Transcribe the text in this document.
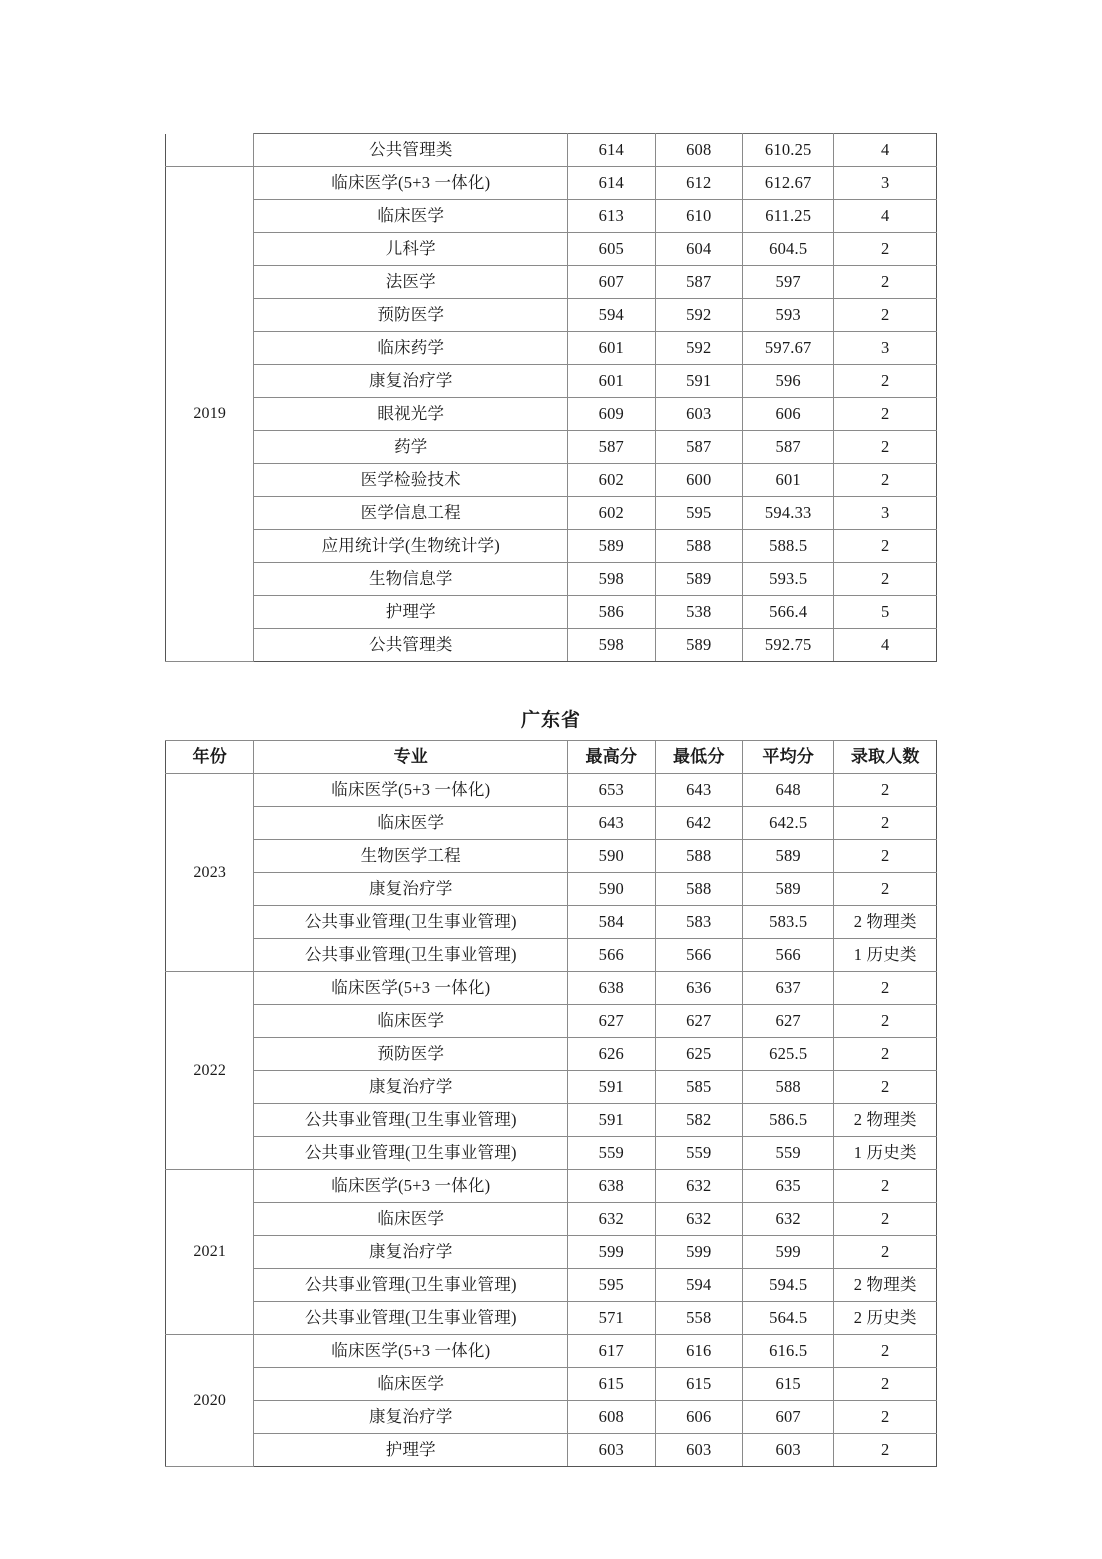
	公共管理类	614	608	610.25	4
2019	临床医学(5+3 一体化)	614	612	612.67	3
	临床医学	613	610	611.25	4
	儿科学	605	604	604.5	2
	法医学	607	587	597	2
	预防医学	594	592	593	2
	临床药学	601	592	597.67	3
	康复治疗学	601	591	596	2
	眼视光学	609	603	606	2
	药学	587	587	587	2
	医学检验技术	602	600	601	2
	医学信息工程	602	595	594.33	3
	应用统计学(生物统计学)	589	588	588.5	2
	生物信息学	598	589	593.5	2
	护理学	586	538	566.4	5
	公共管理类	598	589	592.75	4
广东省
年份	专业	最高分	最低分	平均分	录取人数
2023	临床医学(5+3 一体化)	653	643	648	2
	临床医学	643	642	642.5	2
	生物医学工程	590	588	589	2
	康复治疗学	590	588	589	2
	公共事业管理(卫生事业管理)	584	583	583.5	2 物理类
	公共事业管理(卫生事业管理)	566	566	566	1 历史类
2022	临床医学(5+3 一体化)	638	636	637	2
	临床医学	627	627	627	2
	预防医学	626	625	625.5	2
	康复治疗学	591	585	588	2
	公共事业管理(卫生事业管理)	591	582	586.5	2 物理类
	公共事业管理(卫生事业管理)	559	559	559	1 历史类
2021	临床医学(5+3 一体化)	638	632	635	2
	临床医学	632	632	632	2
	康复治疗学	599	599	599	2
	公共事业管理(卫生事业管理)	595	594	594.5	2 物理类
	公共事业管理(卫生事业管理)	571	558	564.5	2 历史类
2020	临床医学(5+3 一体化)	617	616	616.5	2
	临床医学	615	615	615	2
	康复治疗学	608	606	607	2
	护理学	603	603	603	2
